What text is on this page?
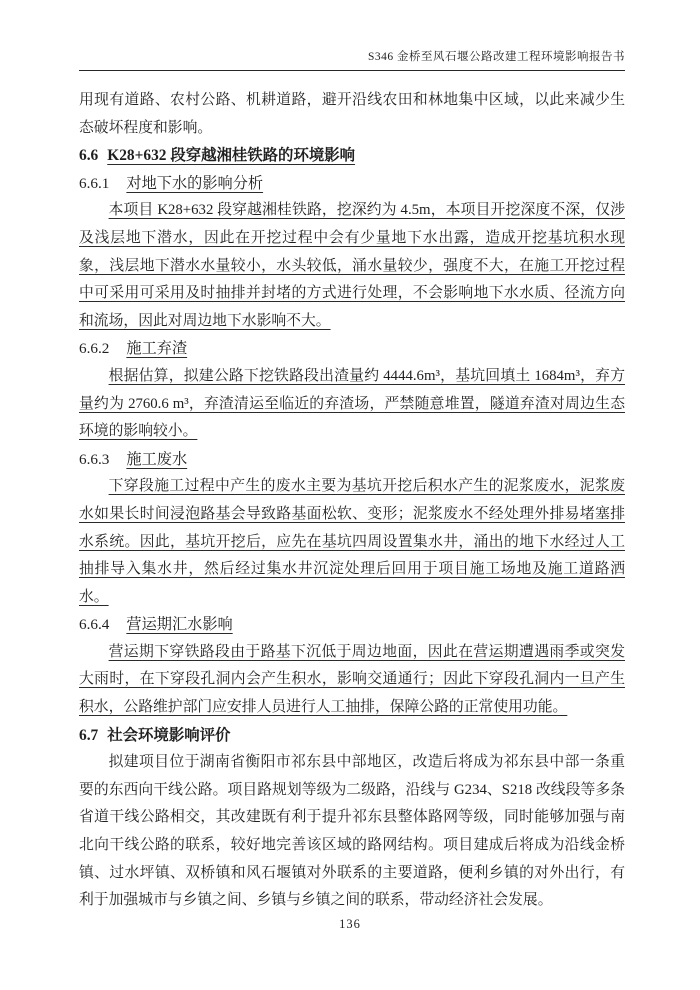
S346 金桥至风石堰公路改建工程环境影响报告书

用现有道路、农村公路、机耕道路，避开沿线农田和林地集中区域，以此来减少生态破坏程度和影响。

6.6 K28+632 段穿越湘桂铁路的环境影响

6.6.1 对地下水的影响分析

本项目 K28+632 段穿越湘桂铁路，挖深约为 4.5m，本项目开挖深度不深，仅涉及浅层地下潜水，因此在开挖过程中会有少量地下水出露，造成开挖基坑积水现象，浅层地下潜水水量较小，水头较低，涌水量较少，强度不大，在施工开挖过程中可采用可采用及时抽排并封堵的方式进行处理，不会影响地下水水质、径流方向和流场，因此对周边地下水影响不大。

6.6.2 施工弃渣

根据估算，拟建公路下挖铁路段出渣量约 4444.6m³，基坑回填土 1684m³，弃方量约为 2760.6 m³，弃渣清运至临近的弃渣场，严禁随意堆置，隧道弃渣对周边生态环境的影响较小。

6.6.3 施工废水

下穿段施工过程中产生的废水主要为基坑开挖后积水产生的泥浆废水，泥浆废水如果长时间浸泡路基会导致路基面松软、变形；泥浆废水不经处理外排易堵塞排水系统。因此，基坑开挖后，应先在基坑四周设置集水井，涌出的地下水经过人工抽排导入集水井，然后经过集水井沉淀处理后回用于项目施工场地及施工道路洒水。

6.6.4 营运期汇水影响

营运期下穿铁路段由于路基下沉低于周边地面，因此在营运期遭遇雨季或突发大雨时，在下穿段孔洞内会产生积水，影响交通通行；因此下穿段孔洞内一旦产生积水，公路维护部门应安排人员进行人工抽排，保障公路的正常使用功能。

6.7 社会环境影响评价

拟建项目位于湖南省衡阳市祁东县中部地区，改造后将成为祁东县中部一条重要的东西向干线公路。项目路规划等级为二级路，沿线与 G234、S218 改线段等多条省道干线公路相交，其改建既有利于提升祁东县整体路网等级，同时能够加强与南北向干线公路的联系，较好地完善该区域的路网结构。项目建成后将成为沿线金桥镇、过水坪镇、双桥镇和风石堰镇对外联系的主要道路，便利乡镇的对外出行，有利于加强城市与乡镇之间、乡镇与乡镇之间的联系，带动经济社会发展。

136
